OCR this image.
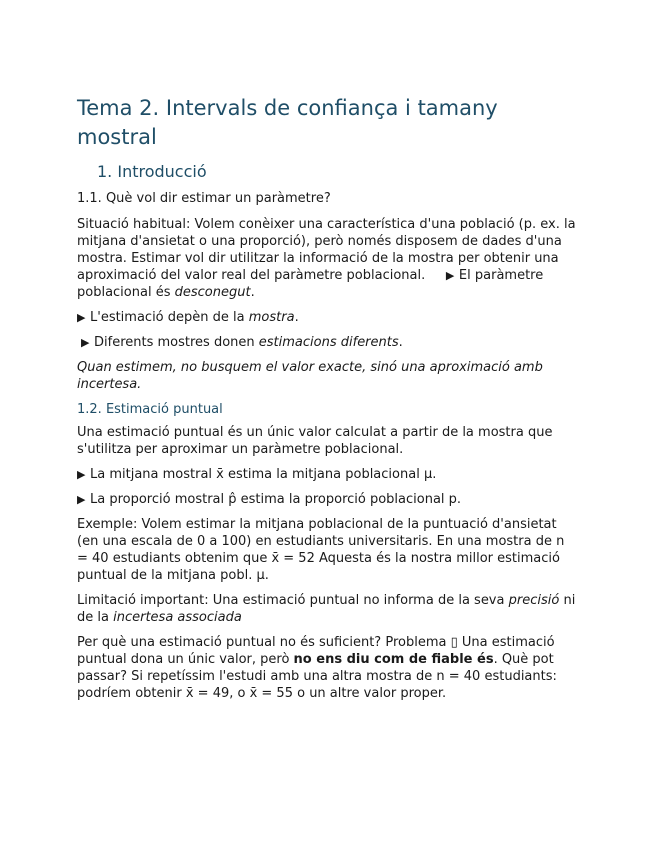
Tema 2. Intervals de confiança i tamany mostral
1. Introducció

1.1. Què vol dir estimar un paràmetre?

Situació habitual: Volem conèixer una característica d'una població (p. ex. la mitjana d'ansietat o una proporció), però només disposem de dades d'una mostra. Estimar vol dir utilitzar la informació de la mostra per obtenir una aproximació del valor real del paràmetre poblacional. ▶ El paràmetre poblacional és desconegut.

▶ L'estimació depèn de la mostra.

▶ Diferents mostres donen estimacions diferents.

Quan estimem, no busquem el valor exacte, sinó una aproximació amb incertesa.

1.2. Estimació puntual

Una estimació puntual és un únic valor calculat a partir de la mostra que s'utilitza per aproximar un paràmetre poblacional.

▶ La mitjana mostral x̄ estima la mitjana poblacional μ.

▶ La proporció mostral p̂ estima la proporció poblacional p.

Exemple: Volem estimar la mitjana poblacional de la puntuació d'ansietat (en una escala de 0 a 100) en estudiants universitaris. En una mostra de n = 40 estudiants obtenim que x̄ = 52 Aquesta és la nostra millor estimació puntual de la mitjana pobl. μ.

Limitació important: Una estimació puntual no informa de la seva precisió ni de la incertesa associada

Per què una estimació puntual no és suficient? Problema ▯ Una estimació puntual dona un únic valor, però no ens diu com de fiable és. Què pot passar? Si repetíssim l'estudi amb una altra mostra de n = 40 estudiants: podríem obtenir x̄ = 49, o x̄ = 55 o un altre valor proper.
